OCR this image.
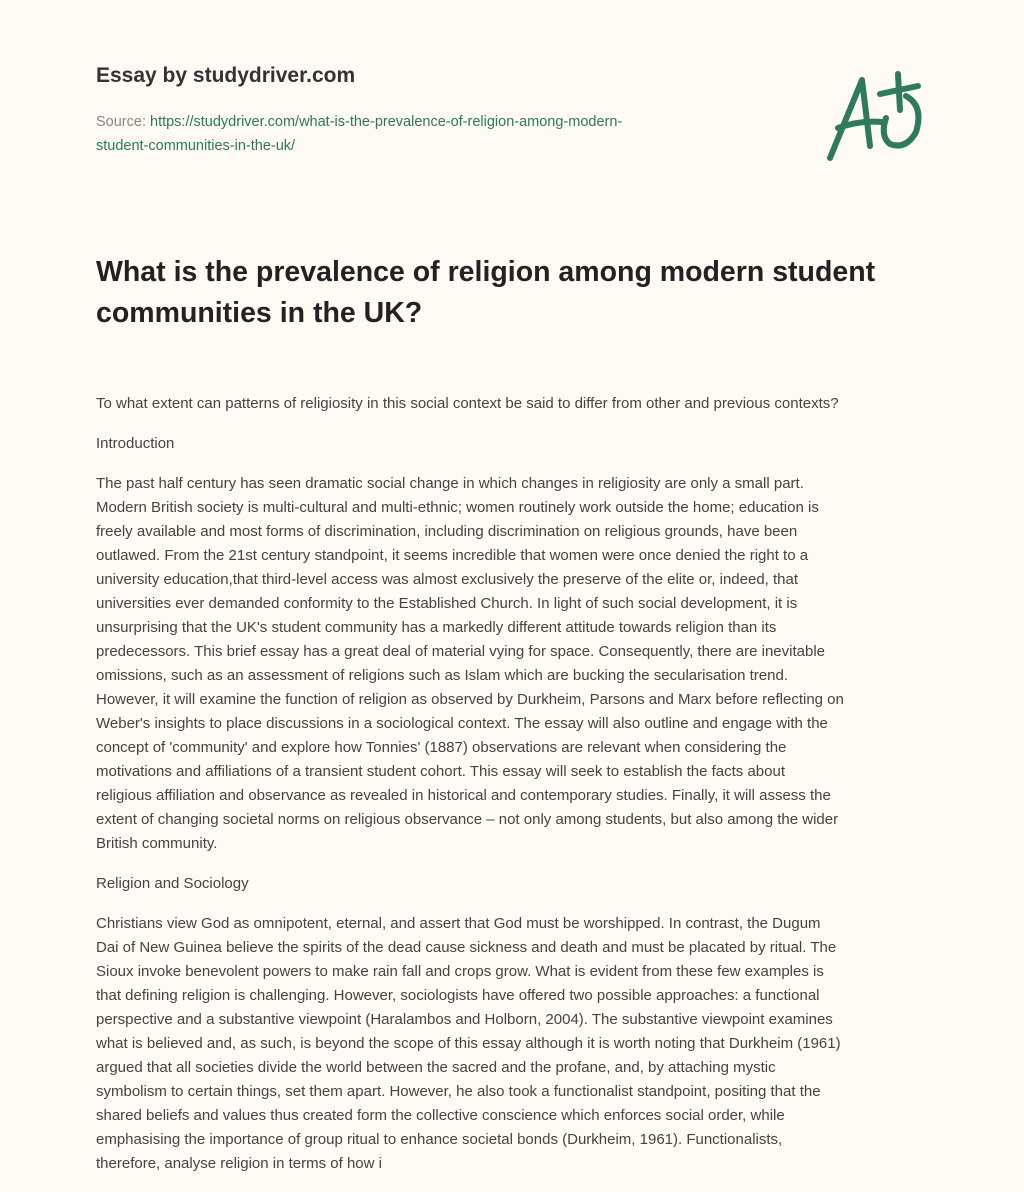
Essay by studydriver.com
Source: https://studydriver.com/what-is-the-prevalence-of-religion-among-modern-
student-communities-in-the-uk/
What is the prevalence of religion among modern student communities in the UK?

To what extent can patterns of religiosity in this social context be said to differ from other and previous contexts?

Introduction

The past half century has seen dramatic social change in which changes in religiosity are only a small part.
Modern British society is multi-cultural and multi-ethnic; women routinely work outside the home; education is
freely available and most forms of discrimination, including discrimination on religious grounds, have been
outlawed. From the 21st century standpoint, it seems incredible that women were once denied the right to a
university education,that third-level access was almost exclusively the preserve of the elite or, indeed, that
universities ever demanded conformity to the Established Church. In light of such social development, it is
unsurprising that the UK's student community has a markedly different attitude towards religion than its
predecessors. This brief essay has a great deal of material vying for space. Consequently, there are inevitable
omissions, such as an assessment of religions such as Islam which are bucking the secularisation trend.
However, it will examine the function of religion as observed by Durkheim, Parsons and Marx before reflecting on
Weber's insights to place discussions in a sociological context. The essay will also outline and engage with the
concept of 'community' and explore how Tonnies' (1887) observations are relevant when considering the
motivations and affiliations of a transient student cohort. This essay will seek to establish the facts about
religious affiliation and observance as revealed in historical and contemporary studies. Finally, it will assess the
extent of changing societal norms on religious observance – not only among students, but also among the wider
British community.

Religion and Sociology

Christians view God as omnipotent, eternal, and assert that God must be worshipped. In contrast, the Dugum
Dai of New Guinea believe the spirits of the dead cause sickness and death and must be placated by ritual. The
Sioux invoke benevolent powers to make rain fall and crops grow. What is evident from these few examples is
that defining religion is challenging. However, sociologists have offered two possible approaches: a functional
perspective and a substantive viewpoint (Haralambos and Holborn, 2004). The substantive viewpoint examines
what is believed and, as such, is beyond the scope of this essay although it is worth noting that Durkheim (1961)
argued that all societies divide the world between the sacred and the profane, and, by attaching mystic
symbolism to certain things, set them apart. However, he also took a functionalist standpoint, positing that the
shared beliefs and values thus created form the collective conscience which enforces social order, while
emphasising the importance of group ritual to enhance societal bonds (Durkheim, 1961). Functionalists,
therefore, analyse religion in terms of how i
